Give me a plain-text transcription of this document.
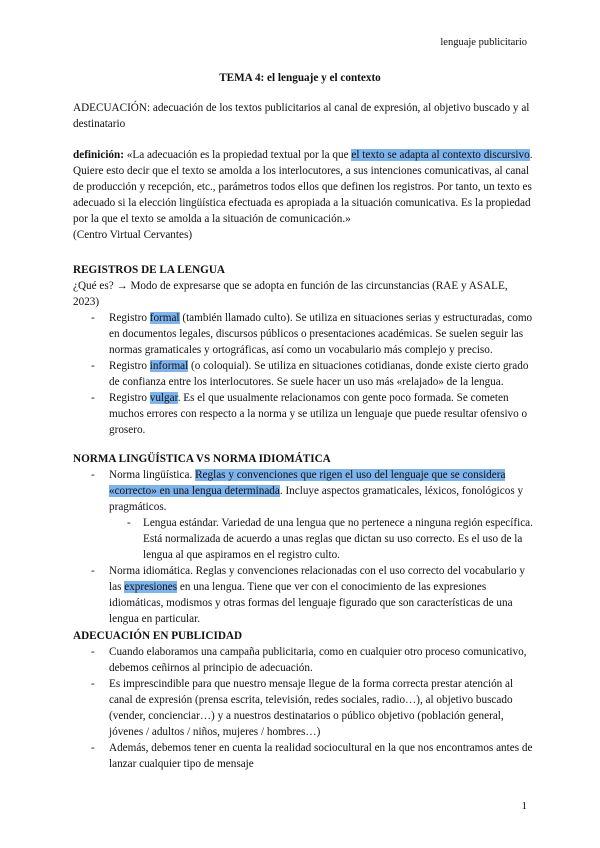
lenguaje publicitario
TEMA 4: el lenguaje y el contexto
ADECUACIÓN: adecuación de los textos publicitarios al canal de expresión, al objetivo buscado y al destinatario
definición: «La adecuación es la propiedad textual por la que el texto se adapta al contexto discursivo. Quiere esto decir que el texto se amolda a los interlocutores, a sus intenciones comunicativas, al canal de producción y recepción, etc., parámetros todos ellos que definen los registros. Por tanto, un texto es adecuado si la elección lingüística efectuada es apropiada a la situación comunicativa. Es la propiedad por la que el texto se amolda a la situación de comunicación.»
(Centro Virtual Cervantes)
REGISTROS DE LA LENGUA
¿Qué es? → Modo de expresarse que se adopta en función de las circunstancias (RAE y ASALE, 2023)
- Registro formal (también llamado culto). Se utiliza en situaciones serias y estructuradas, como en documentos legales, discursos públicos o presentaciones académicas. Se suelen seguir las normas gramaticales y ortográficas, así como un vocabulario más complejo y preciso.
- Registro informal (o coloquial). Se utiliza en situaciones cotidianas, donde existe cierto grado de confianza entre los interlocutores. Se suele hacer un uso más «relajado» de la lengua.
- Registro vulgar. Es el que usualmente relacionamos con gente poco formada. Se cometen muchos errores con respecto a la norma y se utiliza un lenguaje que puede resultar ofensivo o grosero.
NORMA LINGÜÍSTICA VS NORMA IDIOMÁTICA
- Norma lingüística. Reglas y convenciones que rigen el uso del lenguaje que se considera «correcto» en una lengua determinada. Incluye aspectos gramaticales, léxicos, fonológicos y pragmáticos.
- Lengua estándar. Variedad de una lengua que no pertenece a ninguna región específica. Está normalizada de acuerdo a unas reglas que dictan su uso correcto. Es el uso de la lengua al que aspiramos en el registro culto.
- Norma idiomática. Reglas y convenciones relacionadas con el uso correcto del vocabulario y las expresiones en una lengua. Tiene que ver con el conocimiento de las expresiones idiomáticas, modismos y otras formas del lenguaje figurado que son características de una lengua en particular.
ADECUACIÓN EN PUBLICIDAD
- Cuando elaboramos una campaña publicitaria, como en cualquier otro proceso comunicativo, debemos ceñirnos al principio de adecuación.
- Es imprescindible para que nuestro mensaje llegue de la forma correcta prestar atención al canal de expresión (prensa escrita, televisión, redes sociales, radio…), al objetivo buscado (vender, concienciar…) y a nuestros destinatarios o público objetivo (población general, jóvenes / adultos / niños, mujeres / hombres…)
- Además, debemos tener en cuenta la realidad sociocultural en la que nos encontramos antes de lanzar cualquier tipo de mensaje
1
